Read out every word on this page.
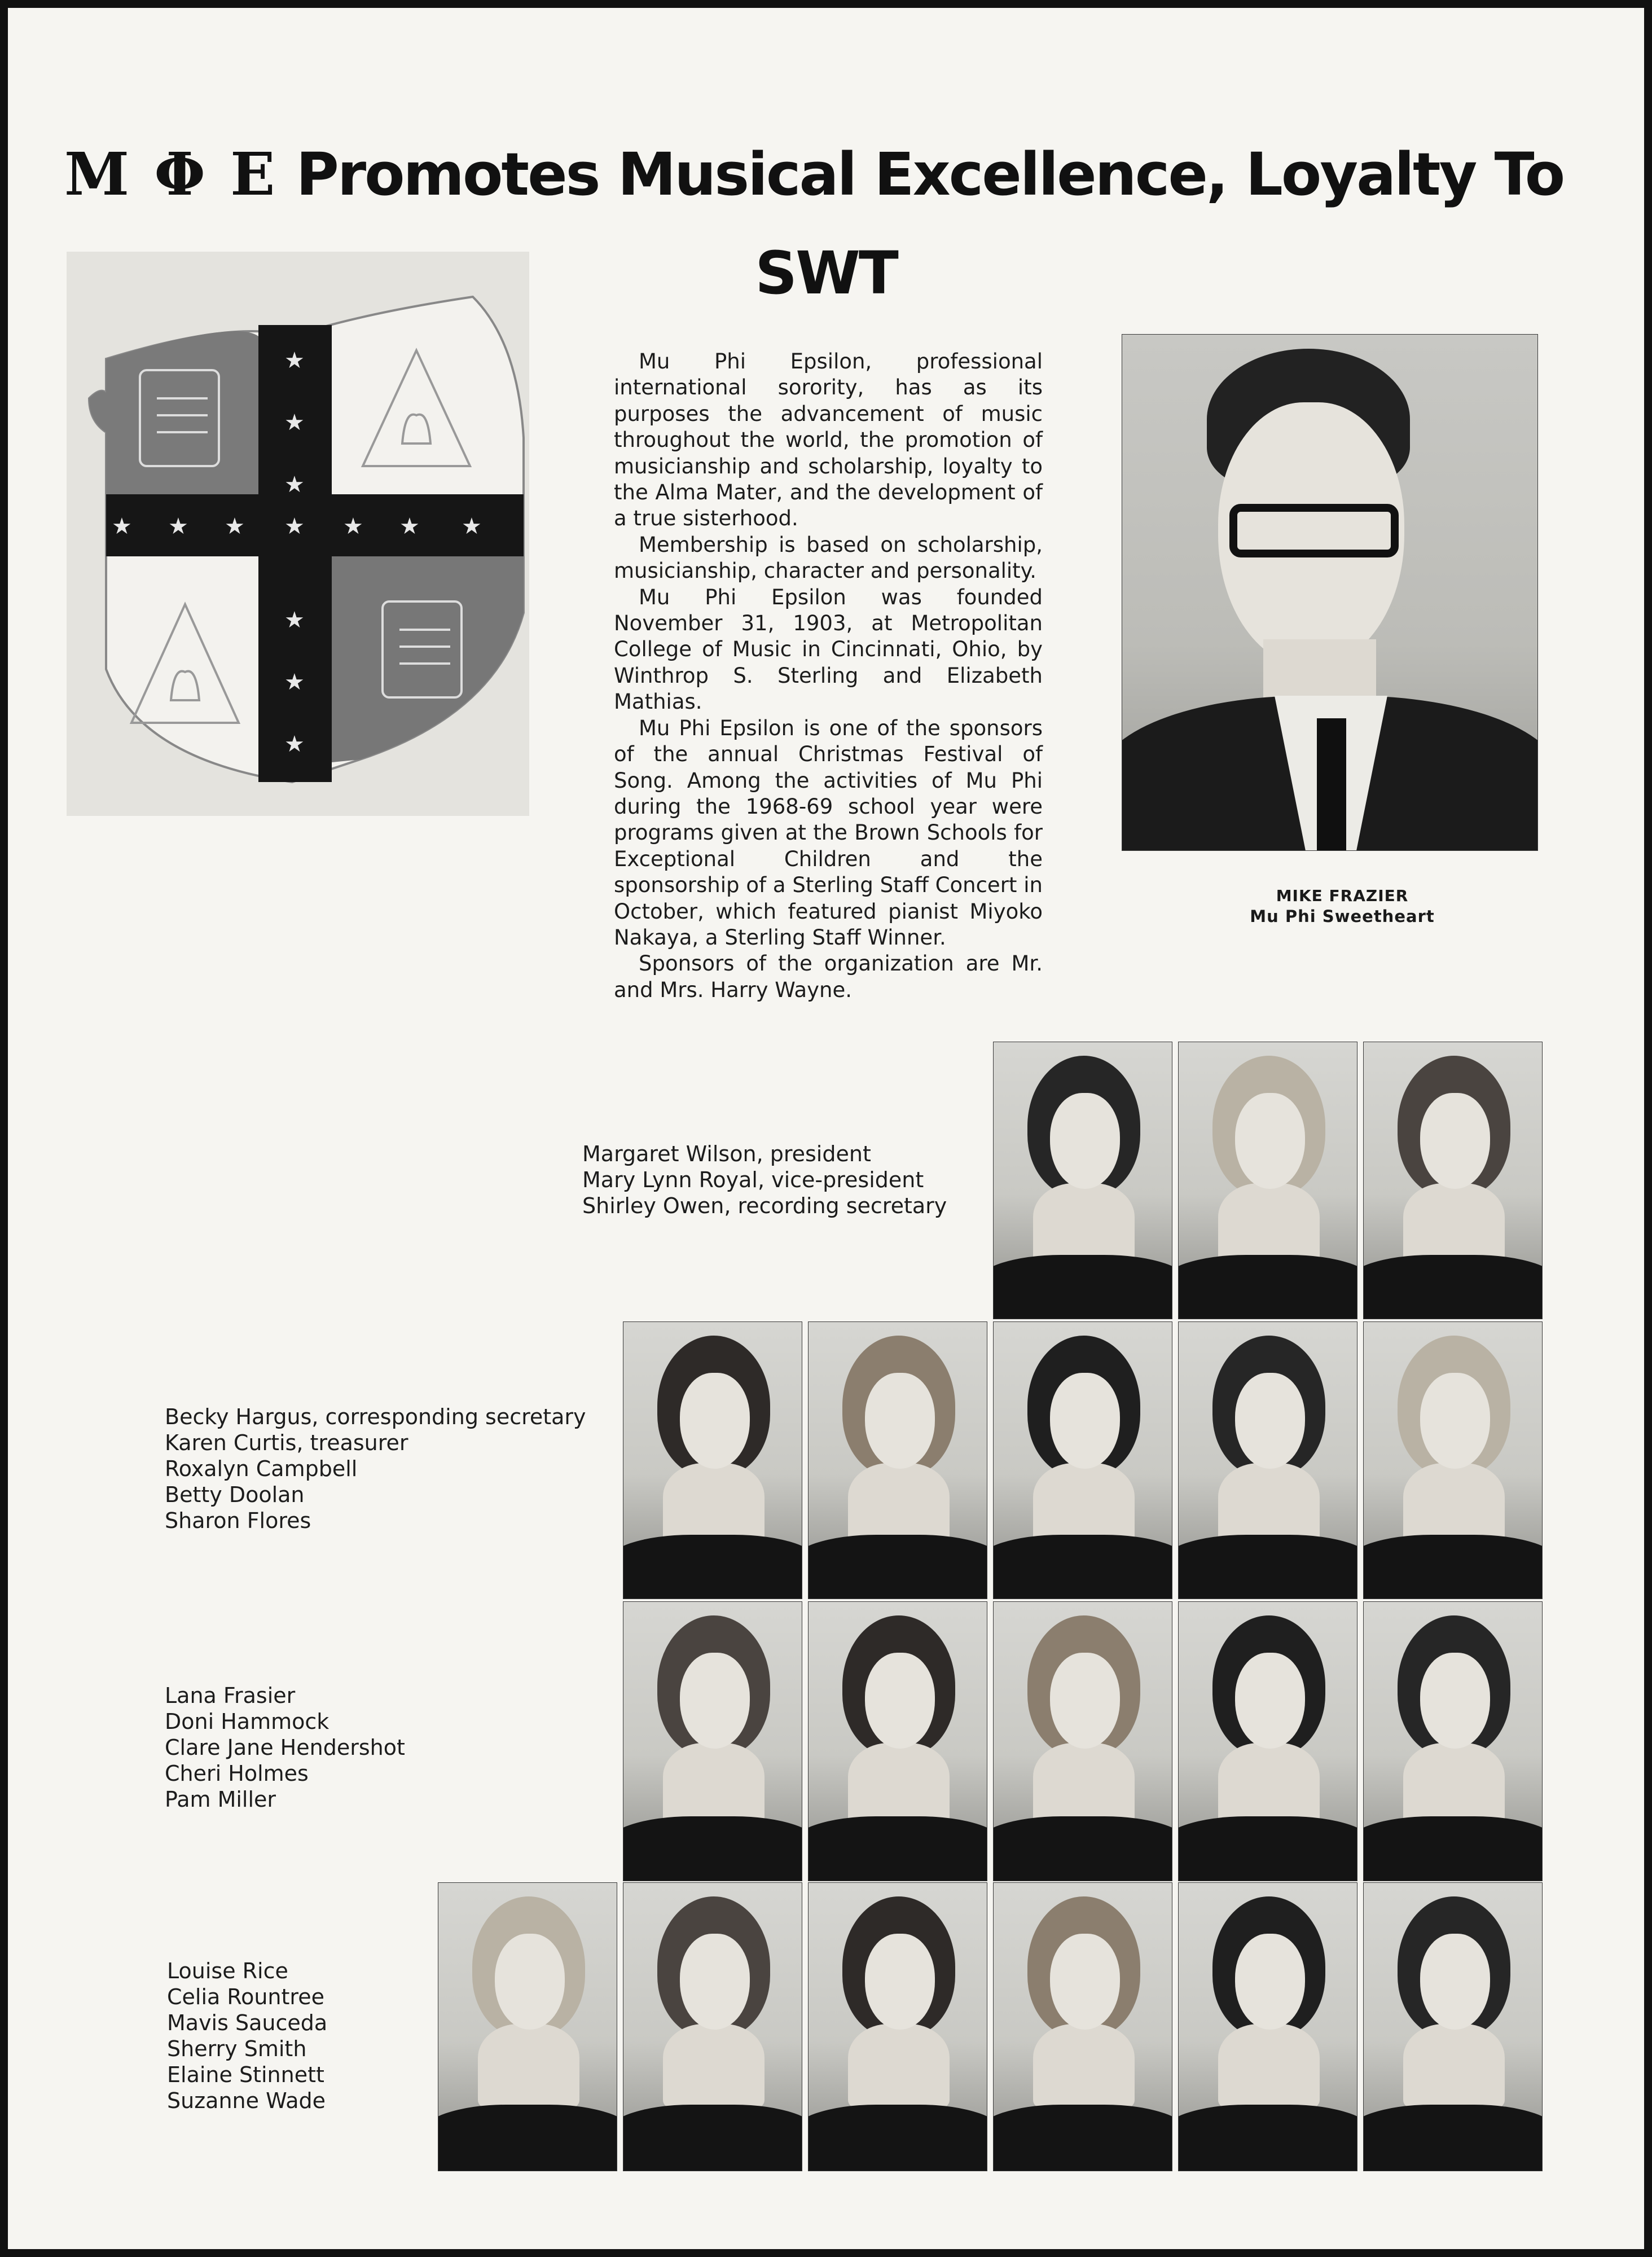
Μ Φ Ε Promotes Musical Excellence, Loyalty To
SWT
★
★
★
★
★
★
★ ★ ★ ★ ★ ★ ★

Mu Phi Epsilon, professional international sorority, has as its purposes the advancement of music throughout the world, the promotion of musicianship and scholarship, loyalty to the Alma Mater, and the development of a true sisterhood.

Membership is based on scholarship, musicianship, character and personality.

Mu Phi Epsilon was founded November 31, 1903, at Metropolitan College of Music in Cincinnati, Ohio, by Winthrop S. Sterling and Elizabeth Mathias.

Mu Phi Epsilon is one of the sponsors of the annual Christmas Festival of Song. Among the activities of Mu Phi during the 1968-69 school year were programs given at the Brown Schools for Exceptional Children and the sponsorship of a Sterling Staff Concert in October, which featured pianist Miyoko Nakaya, a Sterling Staff Winner.

Sponsors of the organization are Mr. and Mrs. Harry Wayne.

MIKE FRAZIER
Mu Phi Sweetheart
Margaret Wilson, president
Mary Lynn Royal, vice-president
Shirley Owen, recording secretary
Becky Hargus, corresponding secretary
Karen Curtis, treasurer
Roxalyn Campbell
Betty Doolan
Sharon Flores
Lana Frasier
Doni Hammock
Clare Jane Hendershot
Cheri Holmes
Pam Miller
Louise Rice
Celia Rountree
Mavis Sauceda
Sherry Smith
Elaine Stinnett
Suzanne Wade
